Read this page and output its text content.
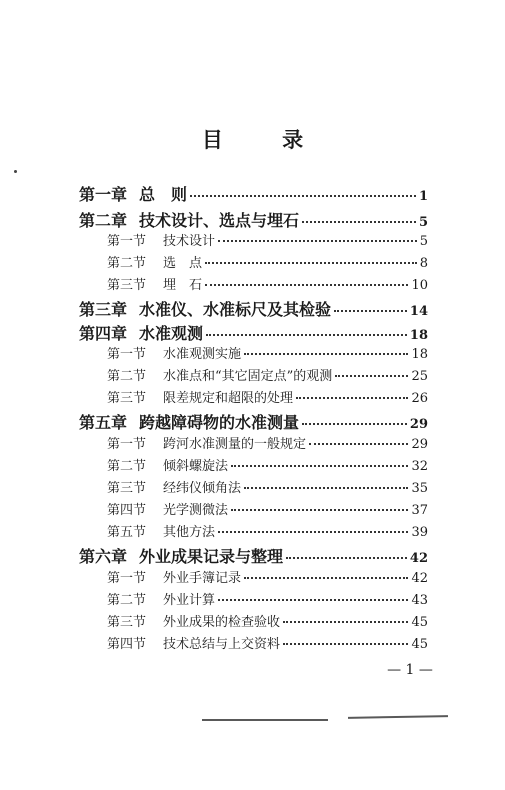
目 录
第一章 总　则	1
第二章 技术设计、选点与埋石	5
第一节	技术设计	5
第二节	选　点	8
第三节	埋　石	10
第三章 水准仪、水准标尺及其检验	14
第四章 水准观测	18
第一节	水准观测实施	18
第二节	水准点和“其它固定点”的观测	25
第三节	限差规定和超限的处理	26
第五章 跨越障碍物的水准测量	29
第一节	跨河水准测量的一般规定	29
第二节	倾斜螺旋法	32
第三节	经纬仪倾角法	35
第四节	光学测微法	37
第五节	其他方法	39
第六章 外业成果记录与整理	42
第一节	外业手簿记录	42
第二节	外业计算	43
第三节	外业成果的检查验收	45
第四节	技术总结与上交资料	45
— 1 —
